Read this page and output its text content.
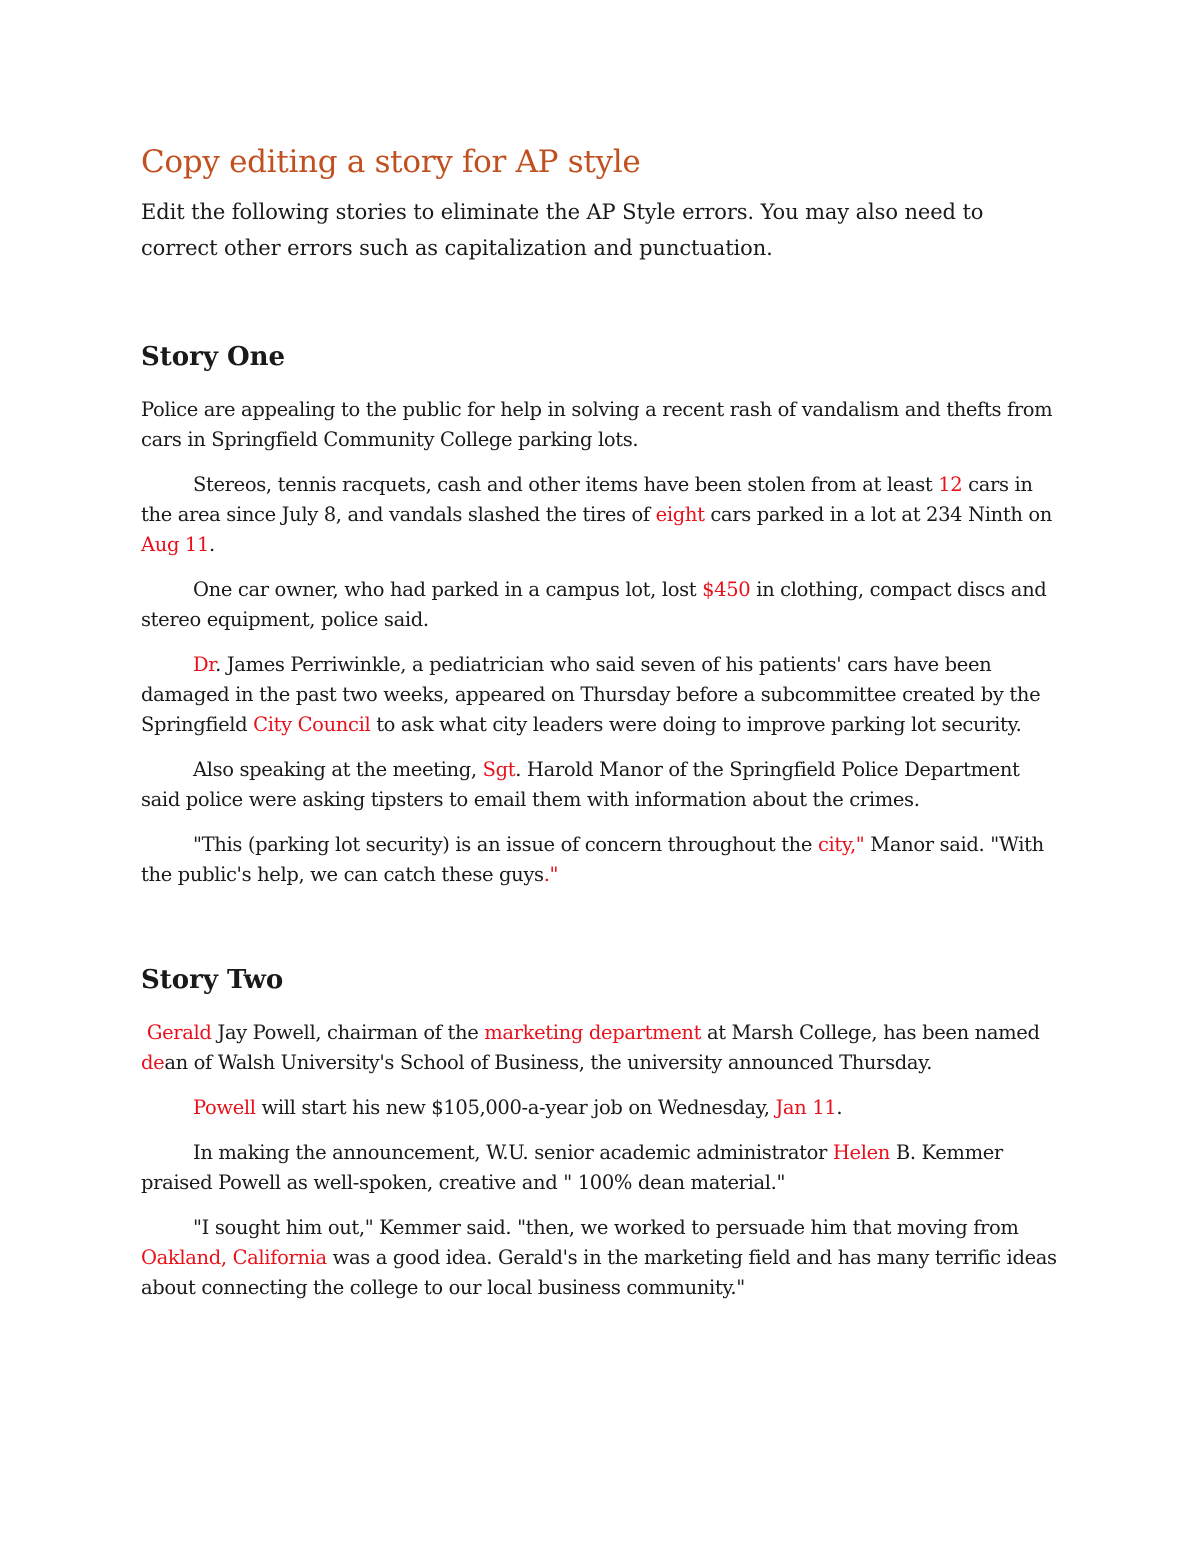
Copy editing a story for AP style

Edit the following stories to eliminate the AP Style errors. You may also need to correct other errors such as capitalization and punctuation.

Story One

Police are appealing to the public for help in solving a recent rash of vandalism and thefts from cars in Springfield Community College parking lots.

Stereos, tennis racquets, cash and other items have been stolen from at least 12 cars in the area since July 8, and vandals slashed the tires of eight cars parked in a lot at 234 Ninth on Aug 11.

One car owner, who had parked in a campus lot, lost $450 in clothing, compact discs and stereo equipment, police said.

Dr. James Perriwinkle, a pediatrician who said seven of his patients' cars have been damaged in the past two weeks, appeared on Thursday before a subcommittee created by the Springfield City Council to ask what city leaders were doing to improve parking lot security.

Also speaking at the meeting, Sgt. Harold Manor of the Springfield Police Department said police were asking tipsters to email them with information about the crimes.

"This (parking lot security) is an issue of concern throughout the city," Manor said. "With the public's help, we can catch these guys."

Story Two

Gerald Jay Powell, chairman of the marketing department at Marsh College, has been named dean of Walsh University's School of Business, the university announced Thursday.

Powell will start his new $105,000-a-year job on Wednesday, Jan 11.

In making the announcement, W.U. senior academic administrator Helen B. Kemmer praised Powell as well-spoken, creative and " 100% dean material."

"I sought him out," Kemmer said. "then, we worked to persuade him that moving from Oakland, California was a good idea. Gerald's in the marketing field and has many terrific ideas about connecting the college to our local business community."
